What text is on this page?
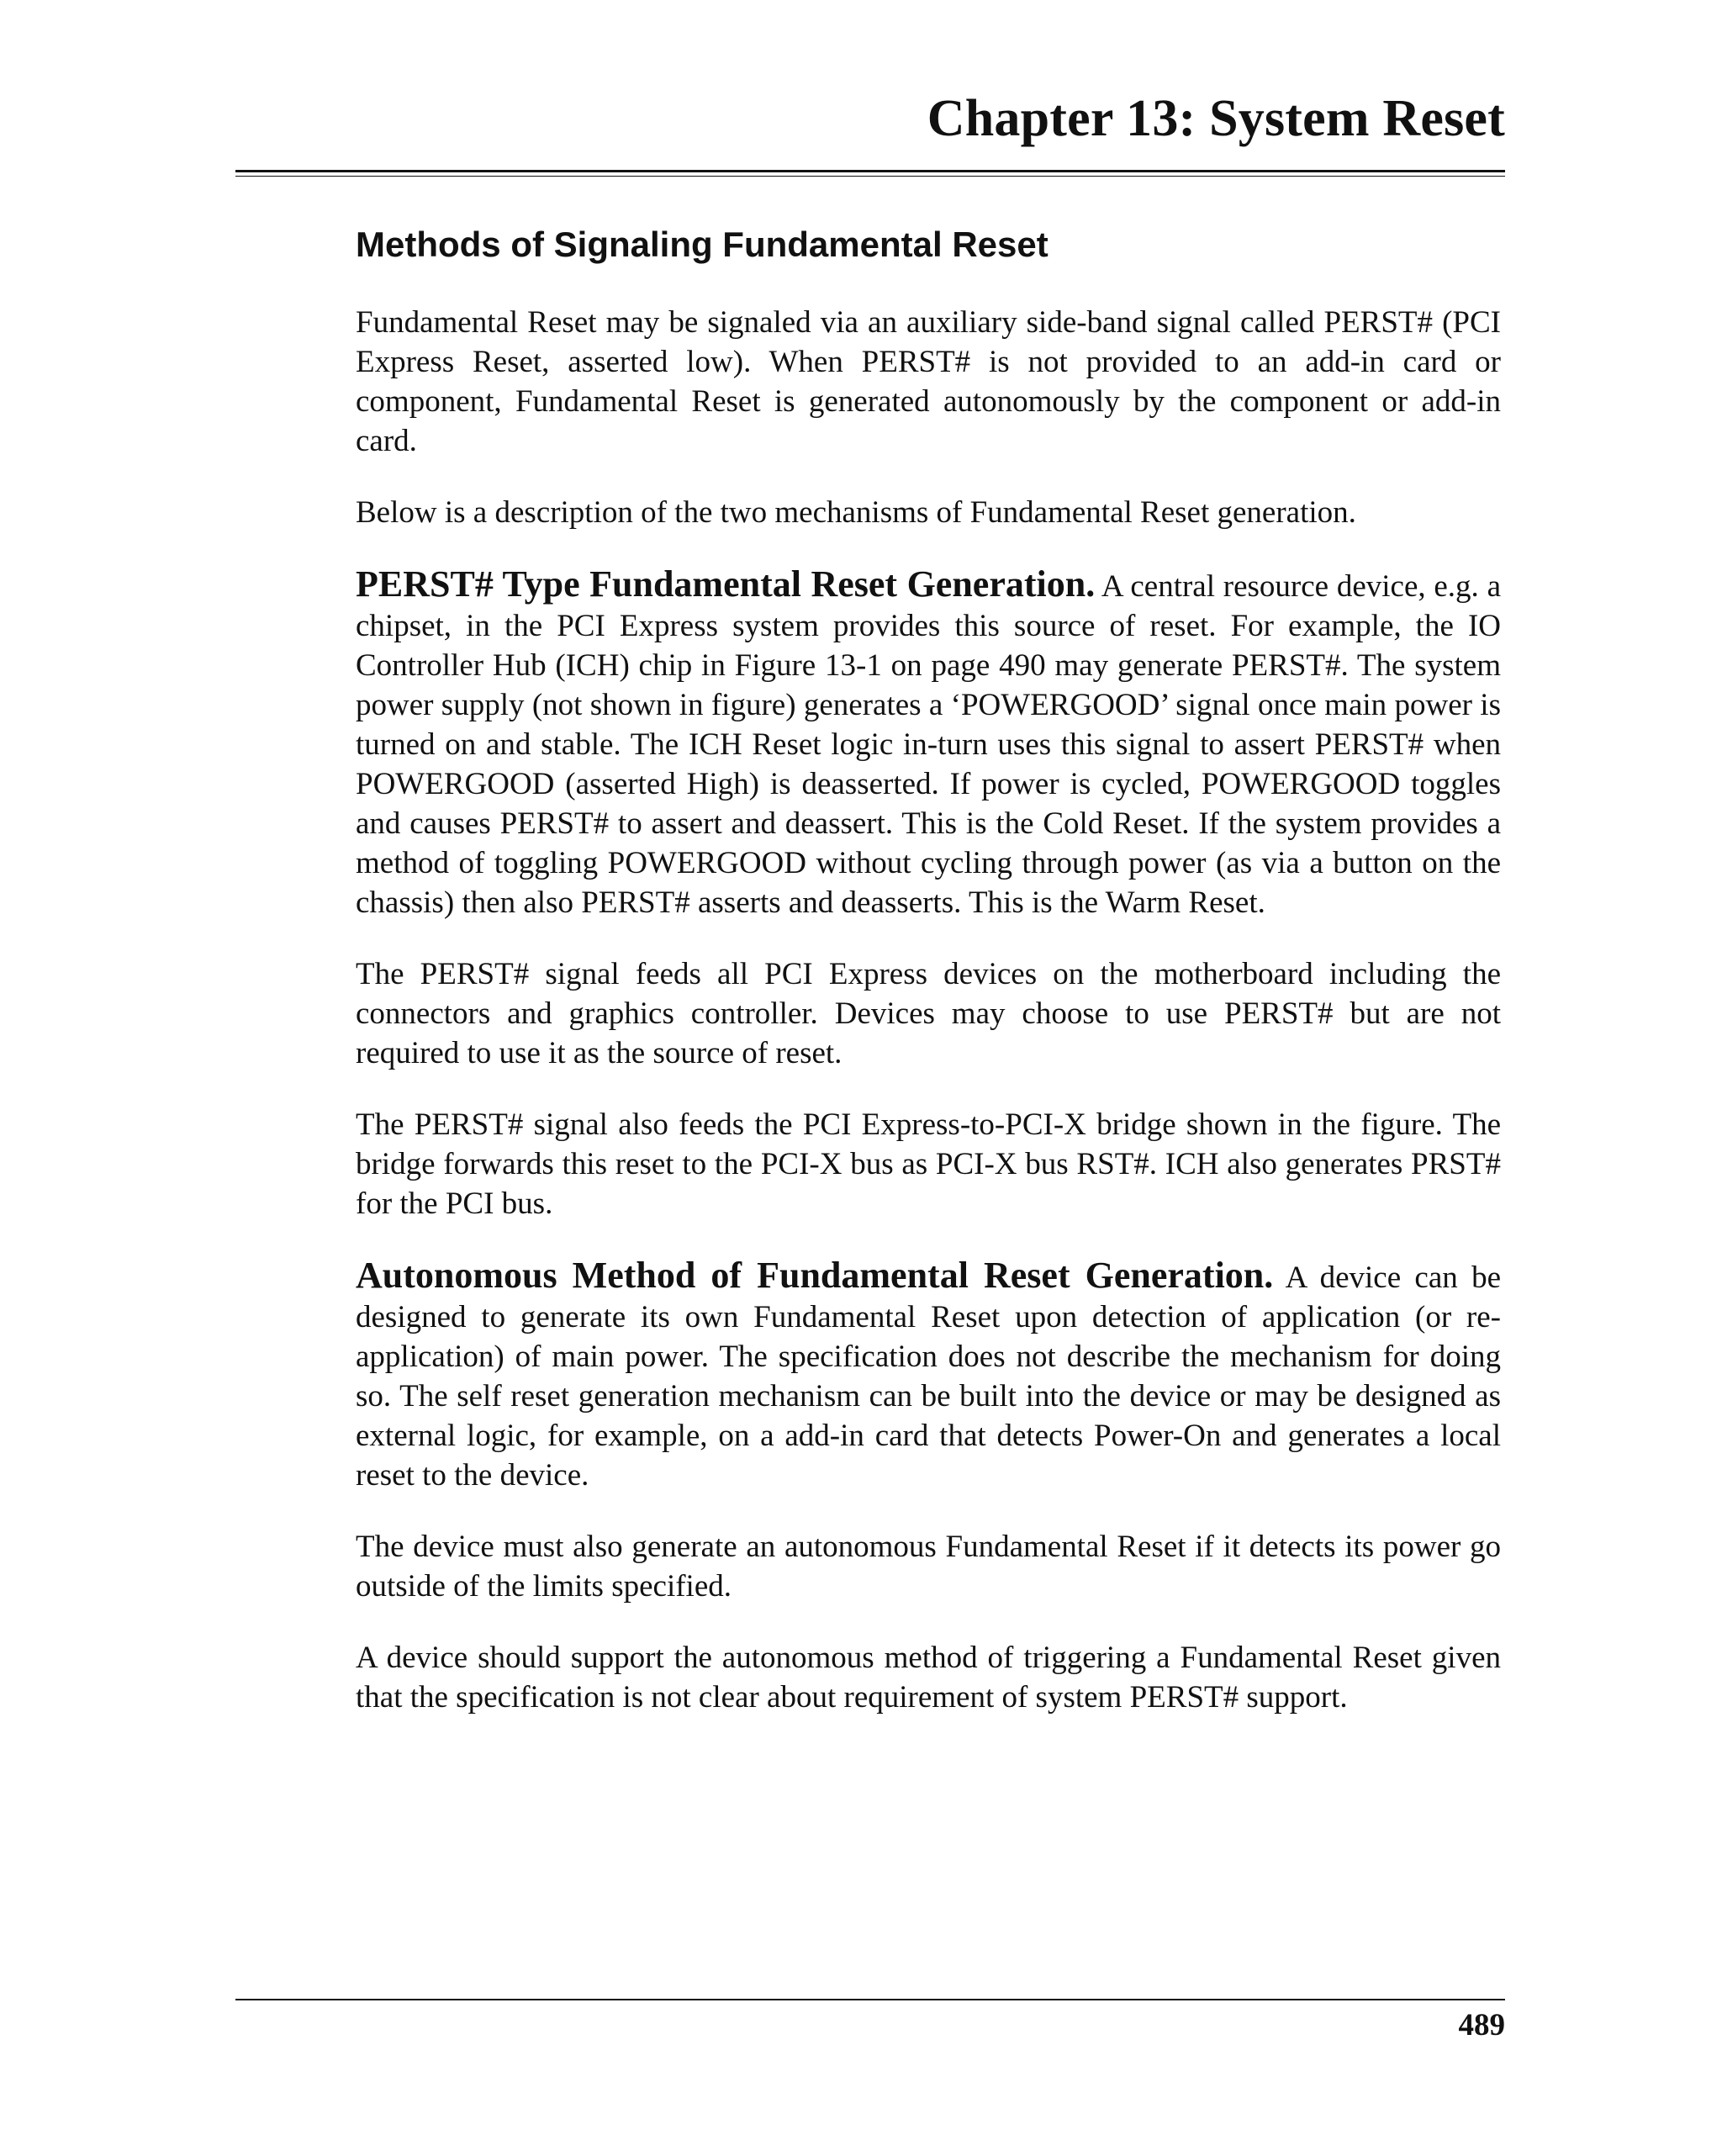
Chapter 13: System Reset
Methods of Signaling Fundamental Reset

Fundamental Reset may be signaled via an auxiliary side-band signal called PERST# (PCI Express Reset, asserted low). When PERST# is not provided to an add-in card or component, Fundamental Reset is generated autonomously by the component or add-in card.

Below is a description of the two mechanisms of Fundamental Reset generation.

PERST# Type Fundamental Reset Generation. A central resource device, e.g. a chipset, in the PCI Express system provides this source of reset. For example, the IO Controller Hub (ICH) chip in Figure 13-1 on page 490 may generate PERST#. The system power supply (not shown in figure) generates a ‘POWERGOOD’ signal once main power is turned on and stable. The ICH Reset logic in-turn uses this signal to assert PERST# when POWERGOOD (asserted High) is deasserted. If power is cycled, POWERGOOD toggles and causes PERST# to assert and deassert. This is the Cold Reset. If the system provides a method of toggling POWERGOOD without cycling through power (as via a button on the chassis) then also PERST# asserts and deasserts. This is the Warm Reset.

The PERST# signal feeds all PCI Express devices on the motherboard including the connectors and graphics controller. Devices may choose to use PERST# but are not required to use it as the source of reset.

The PERST# signal also feeds the PCI Express-to-PCI-X bridge shown in the figure. The bridge forwards this reset to the PCI-X bus as PCI-X bus RST#. ICH also generates PRST# for the PCI bus.

Autonomous Method of Fundamental Reset Generation. A device can be designed to generate its own Fundamental Reset upon detection of application (or re-application) of main power. The specification does not describe the mechanism for doing so. The self reset generation mechanism can be built into the device or may be designed as external logic, for example, on a add-in card that detects Power-On and generates a local reset to the device.

The device must also generate an autonomous Fundamental Reset if it detects its power go outside of the limits specified.

A device should support the autonomous method of triggering a Fundamental Reset given that the specification is not clear about requirement of system PERST# support.

489
